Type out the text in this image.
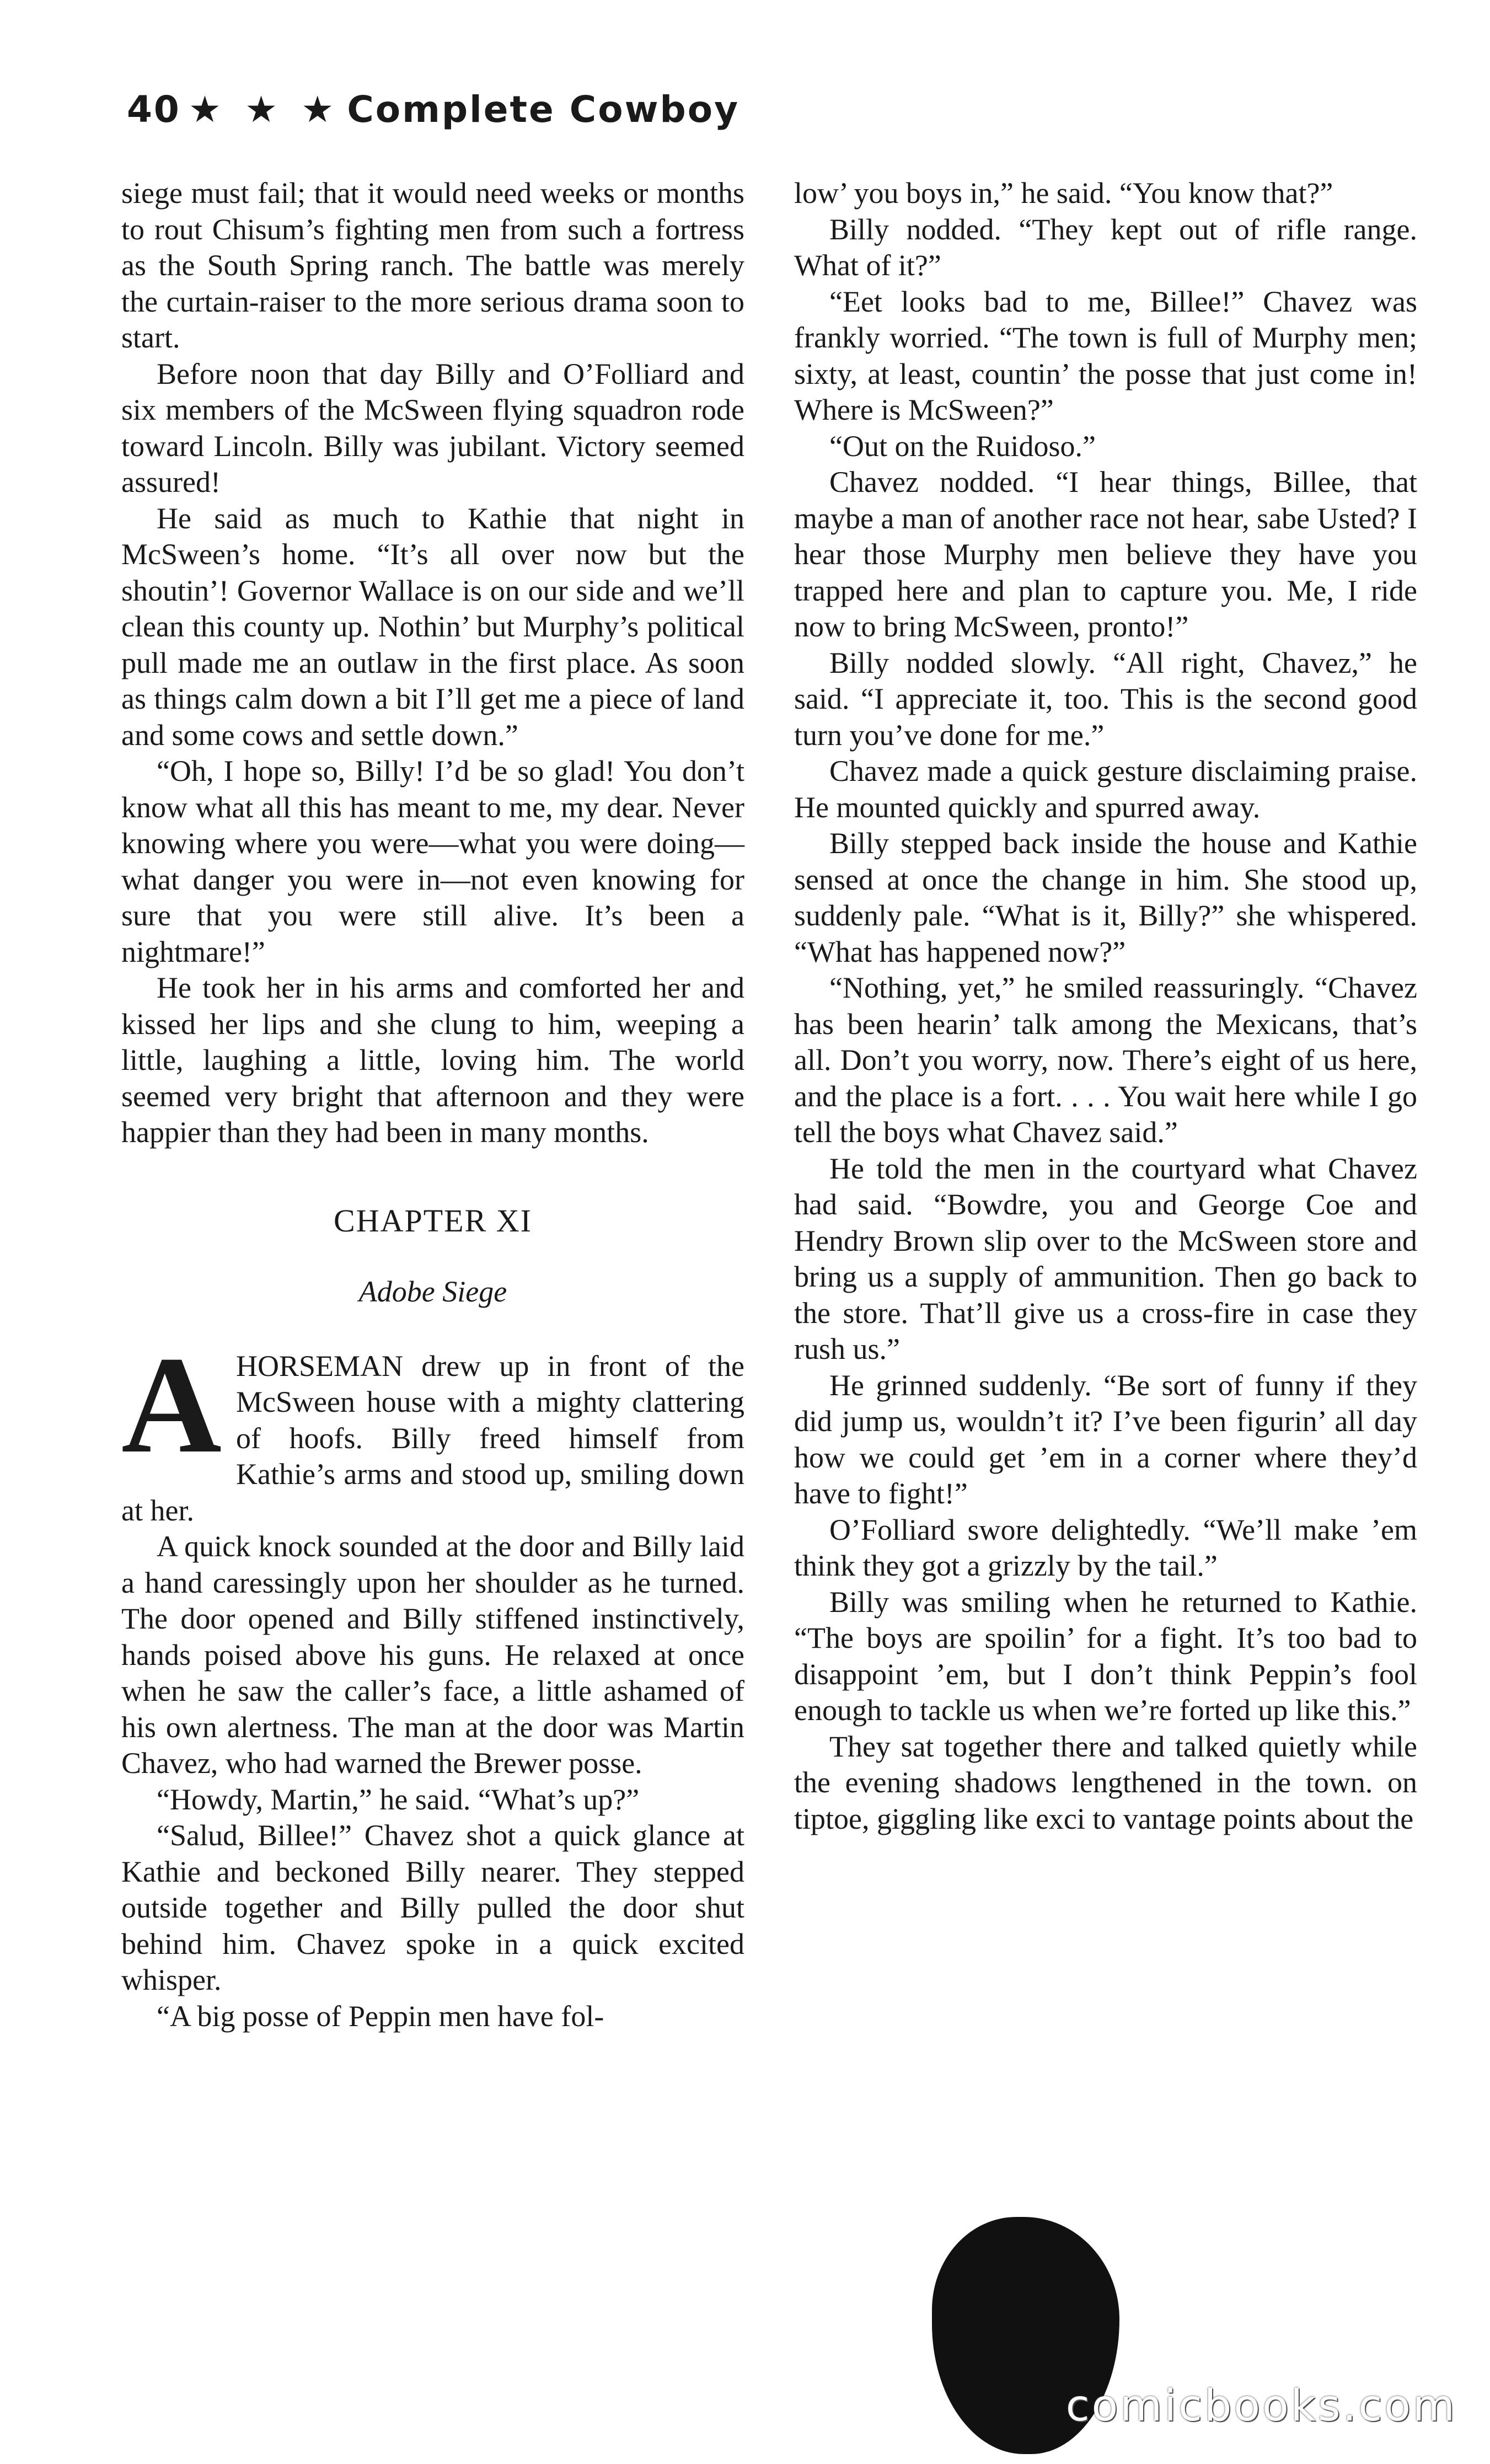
40 ★ ★ ★ Complete Cowboy

siege must fail; that it would need weeks or months to rout Chisum’s fighting men from such a fortress as the South Spring ranch. The battle was merely the curtain-raiser to the more serious drama soon to start.

Before noon that day Billy and O’Folliard and six members of the McSween flying squadron rode toward Lincoln. Billy was jubilant. Victory seemed assured!

He said as much to Kathie that night in McSween’s home. “It’s all over now but the shoutin’! Governor Wallace is on our side and we’ll clean this county up. Nothin’ but Murphy’s political pull made me an outlaw in the first place. As soon as things calm down a bit I’ll get me a piece of land and some cows and settle down.”

“Oh, I hope so, Billy! I’d be so glad! You don’t know what all this has meant to me, my dear. Never knowing where you were—what you were doing—what danger you were in—not even knowing for sure that you were still alive. It’s been a nightmare!”

He took her in his arms and comforted her and kissed her lips and she clung to him, weeping a little, laughing a little, loving him. The world seemed very bright that afternoon and they were happier than they had been in many months.

CHAPTER XI
Adobe Siege
A HORSEMAN drew up in front of the McSween house with a mighty clattering of hoofs. Billy freed himself from Kathie’s arms and stood up, smiling down at her.

A quick knock sounded at the door and Billy laid a hand caressingly upon her shoulder as he turned. The door opened and Billy stiffened instinctively, hands poised above his guns. He relaxed at once when he saw the caller’s face, a little ashamed of his own alertness. The man at the door was Martin Chavez, who had warned the Brewer posse.

“Howdy, Martin,” he said. “What’s up?”

“Salud, Billee!” Chavez shot a quick glance at Kathie and beckoned Billy nearer. They stepped outside together and Billy pulled the door shut behind him. Chavez spoke in a quick excited whisper.

“A big posse of Peppin men have fol-

low’ you boys in,” he said. “You know that?”

Billy nodded. “They kept out of rifle range. What of it?”

“Eet looks bad to me, Billee!” Chavez was frankly worried. “The town is full of Murphy men; sixty, at least, countin’ the posse that just come in! Where is McSween?”

“Out on the Ruidoso.”

Chavez nodded. “I hear things, Billee, that maybe a man of another race not hear, sabe Usted? I hear those Murphy men believe they have you trapped here and plan to capture you. Me, I ride now to bring McSween, pronto!”

Billy nodded slowly. “All right, Chavez,” he said. “I appreciate it, too. This is the second good turn you’ve done for me.”

Chavez made a quick gesture disclaiming praise. He mounted quickly and spurred away.

Billy stepped back inside the house and Kathie sensed at once the change in him. She stood up, suddenly pale. “What is it, Billy?” she whispered. “What has happened now?”

“Nothing, yet,” he smiled reassuringly. “Chavez has been hearin’ talk among the Mexicans, that’s all. Don’t you worry, now. There’s eight of us here, and the place is a fort. . . . You wait here while I go tell the boys what Chavez said.”

He told the men in the courtyard what Chavez had said. “Bowdre, you and George Coe and Hendry Brown slip over to the McSween store and bring us a supply of ammunition. Then go back to the store. That’ll give us a cross-fire in case they rush us.”

He grinned suddenly. “Be sort of funny if they did jump us, wouldn’t it? I’ve been figurin’ all day how we could get ’em in a corner where they’d have to fight!”

O’Folliard swore delightedly. “We’ll make ’em think they got a grizzly by the tail.”

Billy was smiling when he returned to Kathie. “The boys are spoilin’ for a fight. It’s too bad to disappoint ’em, but I don’t think Peppin’s fool enough to tackle us when we’re forted up like this.”

They sat together there and talked quietly while the evening shadows lengthened in the town. on tiptoe, giggling like exci to vantage points about the

comicbooks.com
